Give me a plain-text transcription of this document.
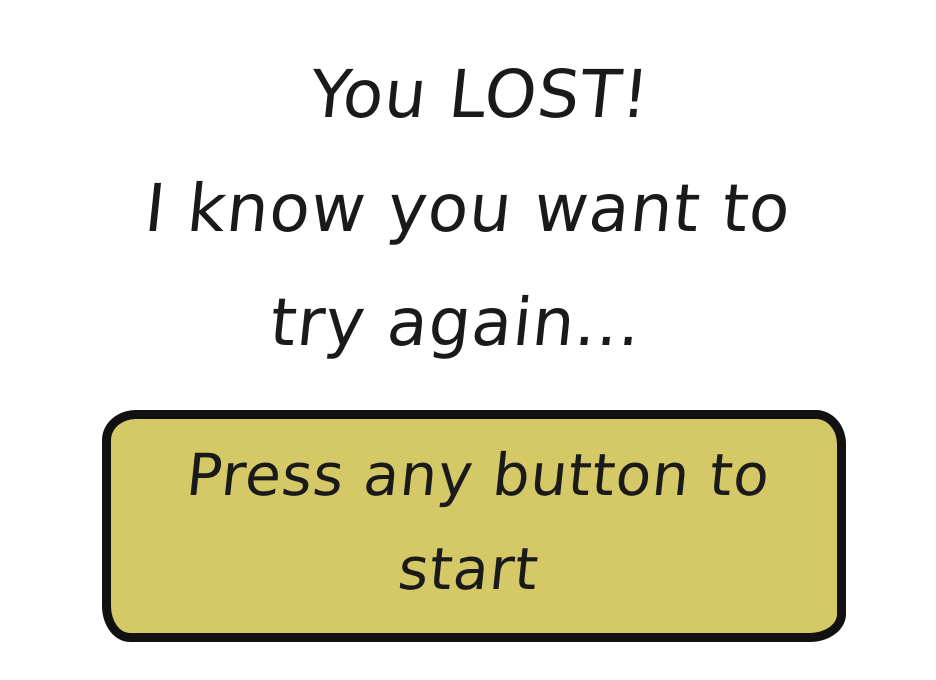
You LOST!
I know you want to
try again...
Press any button to
start
